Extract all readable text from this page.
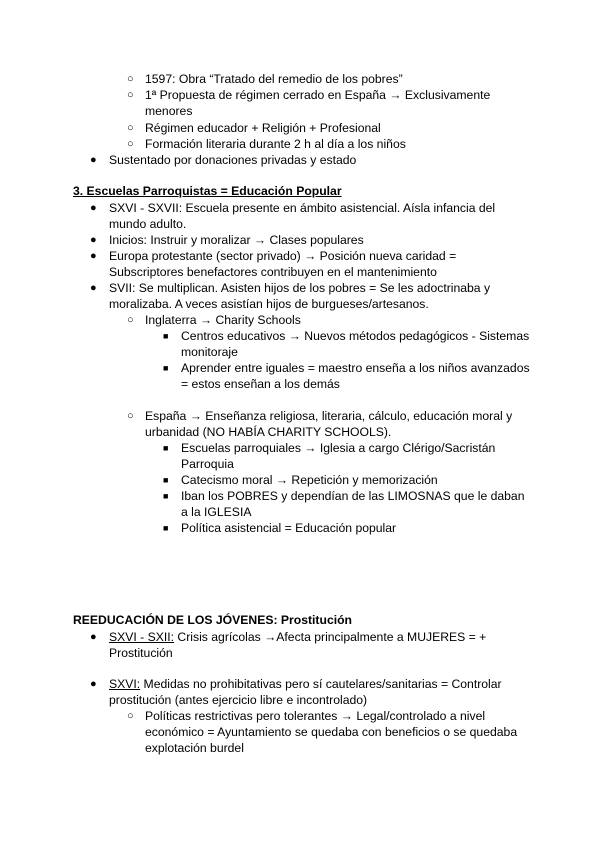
○ 1597: Obra “Tratado del remedio de los pobres”
○ 1ª Propuesta de régimen cerrado en España → Exclusivamente
menores
○ Régimen educador + Religión + Profesional
○ Formación literaria durante 2 h al día a los niños
● Sustentado por donaciones privadas y estado
3. Escuelas Parroquistas = Educación Popular
● SXVI - SXVII: Escuela presente en ámbito asistencial. Aísla infancia del
mundo adulto.
● Inicios: Instruir y moralizar → Clases populares
● Europa protestante (sector privado) → Posición nueva caridad =
Subscriptores benefactores contribuyen en el mantenimiento
● SVII: Se multiplican. Asisten hijos de los pobres = Se les adoctrinaba y
moralizaba. A veces asistían hijos de burgueses/artesanos.
○ Inglaterra → Charity Schools
■ Centros educativos → Nuevos métodos pedagógicos - Sistemas
monitoraje
■ Aprender entre iguales = maestro enseña a los niños avanzados
= estos enseñan a los demás
○ España → Enseñanza religiosa, literaria, cálculo, educación moral y
urbanidad (NO HABÍA CHARITY SCHOOLS).
■ Escuelas parroquiales → Iglesia a cargo Clérigo/Sacristán
Parroquia
■ Catecismo moral → Repetición y memorización
■ Iban los POBRES y dependían de las LIMOSNAS que le daban
a la IGLESIA
■ Política asistencial = Educación popular
REEDUCACIÓN DE LOS JÓVENES: Prostitución
● SXVI - SXII: Crisis agrícolas →Afecta principalmente a MUJERES = +
Prostitución
● SXVI: Medidas no prohibitativas pero sí cautelares/sanitarias = Controlar
prostitución (antes ejercicio libre e incontrolado)
○ Políticas restrictivas pero tolerantes → Legal/controlado a nivel
económico = Ayuntamiento se quedaba con beneficios o se quedaba
explotación burdel
